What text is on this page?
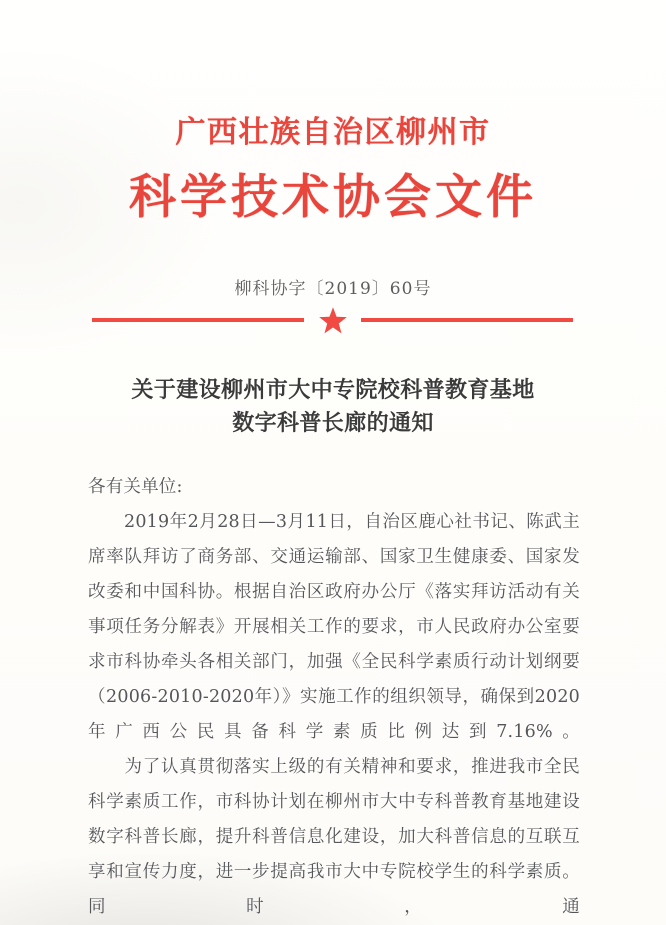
广西壮族自治区柳州市
科学技术协会文件
柳科协字〔2019〕60号
关于建设柳州市大中专院校科普教育基地
数字科普长廊的通知
各有关单位:
　　2019年2月28日—3月11日，自治区鹿心社书记、陈武主席率队拜访了商务部、交通运输部、国家卫生健康委、国家发改委和中国科协。根据自治区政府办公厅《落实拜访活动有关事项任务分解表》开展相关工作的要求，市人民政府办公室要求市科协牵头各相关部门，加强《全民科学素质行动计划纲要（2006-2010-2020年）》实施工作的组织领导，确保到2020年广西公民具备科学素质比例达到7.16%。
　　为了认真贯彻落实上级的有关精神和要求，推进我市全民科学素质工作，市科协计划在柳州市大中专科普教育基地建设数字科普长廊，提升科普信息化建设，加大科普信息的互联互享和宣传力度，进一步提高我市大中专院校学生的科学素质。同时，通
